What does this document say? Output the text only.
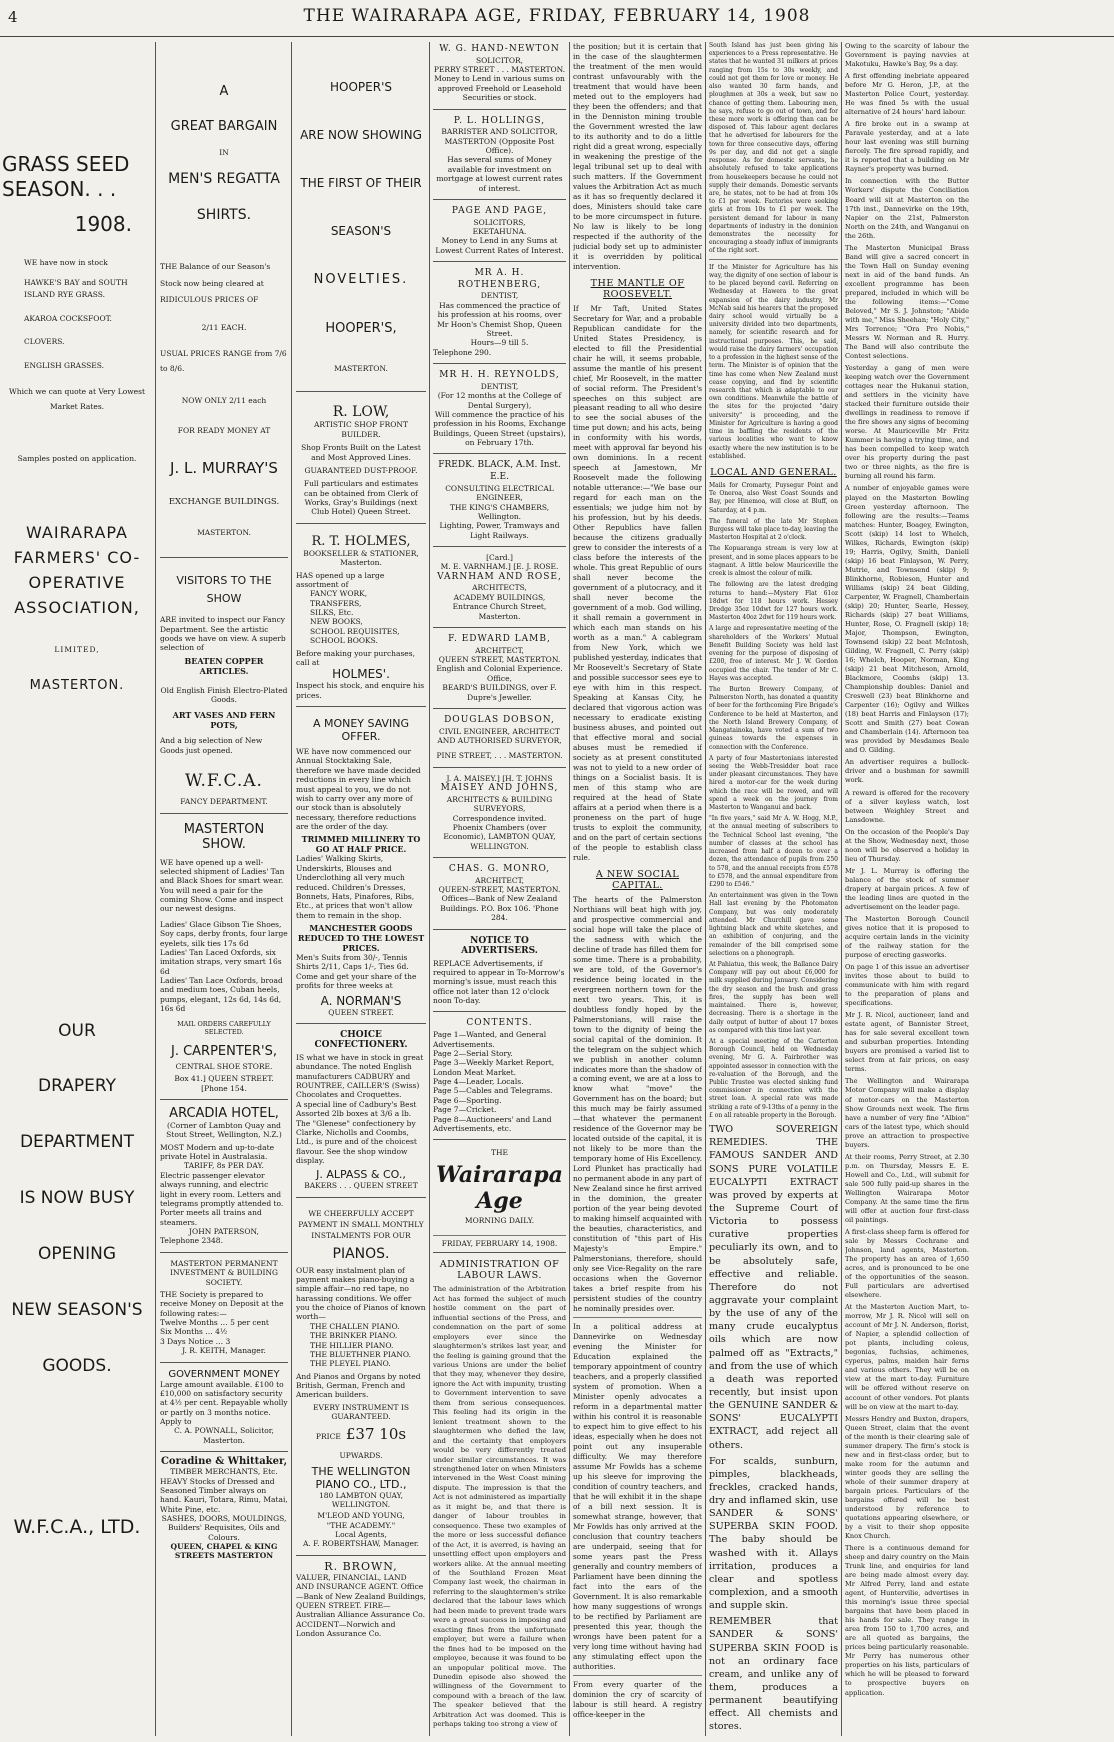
4	THE WAIRARAPA AGE, FRIDAY, FEBRUARY 14, 1908
GRASS SEED SEASON. . .
1908.
WE have now in stock
HAWKE'S BAY and SOUTH ISLAND RYE GRASS.
AKAROA COCKSFOOT.
CLOVERS.
ENGLISH GRASSES.
Which we can quote at Very Lowest Market Rates.
Samples posted on application.
WAIRARAPA FARMERS' CO-OPERATIVE ASSOCIATION,
LIMITED,
MASTERTON.
OUR
DRAPERY
DEPARTMENT
IS NOW BUSY
OPENING
NEW SEASON'S
GOODS.
W.F.C.A., LTD.
A
GREAT BARGAIN
IN
MEN'S REGATTA
SHIRTS.
THE Balance of our Season's Stock now being cleared at RIDICULOUS PRICES OF
2/11 EACH.
USUAL PRICES RANGE from 7/6 to 8/6.
NOW ONLY 2/11 each
FOR READY MONEY AT
J. L. MURRAY'S
EXCHANGE BUILDINGS.
MASTERTON.
VISITORS TO THE SHOW
ARE invited to inspect our Fancy Department. See the artistic goods we have on view. A superb selection of
BEATEN COPPER ARTICLES.
Old English Finish Electro-Plated Goods.
ART VASES AND FERN POTS,
And a big selection of New Goods just opened.
W.F.C.A.
FANCY DEPARTMENT.
MASTERTON SHOW.
WE have opened up a well-selected shipment of Ladies' Tan and Black Shoes for smart wear. You will need a pair for the coming Show. Come and inspect our newest designs.
Ladies' Glace Gibson Tie Shoes, Soy caps, derby fronts, four large eyelets, silk ties 17s 6d
Ladies' Tan Laced Oxfords, six imitation straps, very smart 16s 6d
Ladies' Tan Lace Oxfords, broad and medium toes, Cuban heels, pumps, elegant, 12s 6d, 14s 6d, 16s 6d
MAIL ORDERS CAREFULLY SELECTED.
J. CARPENTER'S,
CENTRAL SHOE STORE.
Box 41.] QUEEN STREET. [Phone 154.
ARCADIA HOTEL,
(Corner of Lambton Quay and Stout Street, Wellington, N.Z.)
MOST Modern and up-to-date private Hotel in Australasia.
TARIFF, 8s PER DAY.
Electric passenger elevator always running, and electric light in every room. Letters and telegrams promptly attended to. Porter meets all trains and steamers.
JOHN PATERSON,
Telephone 2348.
MASTERTON PERMANENT INVESTMENT & BUILDING SOCIETY.
THE Society is prepared to receive Money on Deposit at the following rates:—
Twelve Months … 5 per cent
Six Months … 4½
3 Days Notice … 3
J. R. KEITH, Manager.
GOVERNMENT MONEY
Large amount available. £100 to £10,000 on satisfactory security at 4½ per cent. Repayable wholly or partly on 3 months notice. Apply to
C. A. POWNALL, Solicitor, Masterton.
Coradine & Whittaker,
TIMBER MERCHANTS, Etc.
HEAVY Stocks of Dressed and Seasoned Timber always on hand. Kauri, Totara, Rimu, Matai, White Pine, etc.
SASHES, DOORS, MOULDINGS, Builders' Requisites, Oils and Colours.
QUEEN, CHAPEL & KING STREETS MASTERTON
HOOPER'S
ARE NOW SHOWING
THE FIRST OF THEIR
SEASON'S
NOVELTIES.
HOOPER'S,
MASTERTON.
R. LOW,
ARTISTIC SHOP FRONT BUILDER.
Shop Fronts Built on the Latest and Most Approved Lines.
GUARANTEED DUST-PROOF.
Full particulars and estimates can be obtained from Clerk of Works, Gray's Buildings (next Club Hotel) Queen Street.
R. T. HOLMES,
BOOKSELLER & STATIONER, Masterton.
HAS opened up a large assortment of
FANCY WORK,
TRANSFERS,
SILKS, Etc.
NEW BOOKS,
SCHOOL REQUISITES,
SCHOOL BOOKS.
Before making your purchases, call at
HOLMES'.
Inspect his stock, and enquire his prices.
A MONEY SAVING OFFER.
WE have now commenced our Annual Stocktaking Sale, therefore we have made decided reductions in every line which must appeal to you, we do not wish to carry over any more of our stock than is absolutely necessary, therefore reductions are the order of the day.
TRIMMED MILLINERY TO GO AT HALF PRICE.
Ladies' Walking Skirts, Underskirts, Blouses and Underclothing all very much reduced. Children's Dresses, Bonnets, Hats, Pinafores, Ribs, Etc., at prices that won't allow them to remain in the shop.
MANCHESTER GOODS REDUCED TO THE LOWEST PRICES.
Men's Suits from 30/-, Tennis Shirts 2/11, Caps 1/-, Ties 6d. Come and get your share of the profits for three weeks at
A. NORMAN'S
QUEEN STREET.
CHOICE CONFECTIONERY.
IS what we have in stock in great abundance. The noted English manufacturers CADBURY and ROUNTREE, CAILLER'S (Swiss) Chocolates and Croquettes.
A special line of Cadbury's Best Assorted 2lb boxes at 3/6 a lb. The "Glenese" confectionery by Clarke, Nicholls and Coombs, Ltd., is pure and of the choicest flavour. See the shop window display.
J. ALPASS & CO.,
BAKERS . . . QUEEN STREET
WE CHEERFULLY ACCEPT PAYMENT IN SMALL MONTHLY INSTALMENTS FOR OUR
PIANOS.
OUR easy instalment plan of payment makes piano-buying a simple affair—no red tape, no harassing conditions. We offer you the choice of Pianos of known worth—
THE CHALLEN PIANO.
THE BRINKER PIANO.
THE HILLIER PIANO.
THE BLUETHNER PIANO.
THE PLEYEL PIANO.
And Pianos and Organs by noted British, German, French and American builders.
EVERY INSTRUMENT IS GUARANTEED.
PRICE £37 10s UPWARDS.
THE WELLINGTON PIANO CO., LTD.,
180 LAMBTON QUAY,
WELLINGTON.
M'LEOD AND YOUNG,
"THE ACADEMY."
Local Agents,
A. F. ROBERTSHAW, Manager.
R. BROWN,
VALUER, FINANCIAL, LAND AND INSURANCE AGENT. Office—Bank of New Zealand Buildings, QUEEN STREET. FIRE—Australian Alliance Assurance Co. ACCIDENT—Norwich and London Assurance Co.
W. G. HAND-NEWTON
SOLICITOR,
PERRY STREET . . . MASTERTON.
Money to Lend in various sums on approved Freehold or Leasehold Securities or stock.
P. L. HOLLINGS,
BARRISTER AND SOLICITOR,
MASTERTON (Opposite Post Office).
Has several sums of Money available for investment on mortgage at lowest current rates of interest.
PAGE AND PAGE,
SOLICITORS,
EKETAHUNA.
Money to Lend in any Sums at Lowest Current Rates of Interest.
MR A. H. ROTHENBERG,
DENTIST,
Has commenced the practice of his profession at his rooms, over Mr Hoon's Chemist Shop, Queen Street.
Hours—9 till 5.
Telephone 290.
MR H. H. REYNOLDS,
DENTIST,
(For 12 months at the College of Dental Surgery),
Will commence the practice of his profession in his Rooms, Exchange Buildings, Queen Street (upstairs), on February 17th.
FREDK. BLACK, A.M. Inst. E.E.
CONSULTING ELECTRICAL ENGINEER,
THE KING'S CHAMBERS, Wellington.
Lighting, Power, Tramways and Light Railways.
[Card.]
M. E. VARNHAM.] [E. J. ROSE.
VARNHAM AND ROSE,
ARCHITECTS,
ACADEMY BUILDINGS,
Entrance Church Street, Masterton.
F. EDWARD LAMB,
ARCHITECT,
QUEEN STREET, MASTERTON.
English and Colonial Experience.
Office,
BEARD'S BUILDINGS, over F. Dupre's Jeweller.
DOUGLAS DOBSON,
CIVIL ENGINEER, ARCHITECT AND AUTHORISED SURVEYOR,
PINE STREET, . . . MASTERTON.
J. A. MAISEY.] [H. T. JOHNS
MAISEY AND JOHNS,
ARCHITECTS & BUILDING SURVEYORS,
Correspondence invited.
Phoenix Chambers (over Economic), LAMBTON QUAY, WELLINGTON.
CHAS. G. MONRO,
ARCHITECT,
QUEEN-STREET, MASTERTON.
Offices—Bank of New Zealand Buildings. P.O. Box 106. 'Phone 284.
NOTICE TO ADVERTISERS.
REPLACE Advertisements, if required to appear in To-Morrow's morning's issue, must reach this office not later than 12 o'clock noon To-day.
CONTENTS.
Page 1—Wanted, and General Advertisements.
Page 2—Serial Story.
Page 3—Weekly Market Report, London Meat Market.
Page 4—Leader, Locals.
Page 5—Cables and Telegrams.
Page 6—Sporting.
Page 7—Cricket.
Page 8—Auctioneers' and Land Advertisements, etc.
THE
Wairarapa Age
MORNING DAILY.
FRIDAY, FEBRUARY 14, 1908.
ADMINISTRATION OF LABOUR LAWS.

The administration of the Arbitration Act has formed the subject of much hostile comment on the part of influential sections of the Press, and condemnation on the part of some employers ever since the slaughtermen's strikes last year, and the feeling is gaining ground that the various Unions are under the belief that they may, whenever they desire, ignore the Act with impunity, trusting to Government intervention to save them from serious consequences. This feeling had its origin in the lenient treatment shown to the slaughtermen who defied the law, and the certainty that employers would be very differently treated under similar circumstances. It was strengthened later on when Ministers intervened in the West Coast mining dispute. The impression is that the Act is not administered as impartially as it might be, and that there is danger of labour troubles in consequence. These two examples of the more or less successful defiance of the Act, it is averred, is having an unsettling effect upon employers and workers alike. At the annual meeting of the Southland Frozen Meat Company last week, the chairman in referring to the slaughtermen's strike declared that the labour laws which had been made to prevent trade wars were a great success in imposing and exacting fines from the unfortunate employer, but were a failure when the fines had to be imposed on the employee, because it was found to be an unpopular political move. The Dunedin episode also showed the willingness of the Government to compound with a breach of the law. The speaker believed that the Arbitration Act was doomed. This is perhaps taking too strong a view of

the position; but it is certain that in the case of the slaughtermen the treatment of the men would contrast unfavourably with the treatment that would have been meted out to the employers had they been the offenders; and that in the Denniston mining trouble the Government wrested the law to its authority and to do a little right did a great wrong, especially in weakening the prestige of the legal tribunal set up to deal with such matters. If the Government values the Arbitration Act as much as it has so frequently declared it does, Ministers should take care to be more circumspect in future. No law is likely to be long respected if the authority of the judicial body set up to administer it is overridden by political intervention.

THE MANTLE OF ROOSEVELT.

If Mr Taft, United States Secretary for War, and a probable Republican candidate for the United States Presidency, is elected to fill the Presidential chair he will, it seems probable, assume the mantle of his present chief, Mr Roosevelt, in the matter of social reform. The President's speeches on this subject are pleasant reading to all who desire to see the social abuses of the time put down; and his acts, being in conformity with his words, meet with approval far beyond his own dominions. In a recent speech at Jamestown, Mr Roosevelt made the following notable utterance:—"We base our regard for each man on the essentials; we judge him not by his profession, but by his deeds. Other Republics have fallen because the citizens gradually grew to consider the interests of a class before the interests of the whole. This great Republic of ours shall never become the government of a plutocracy, and it shall never become the government of a mob. God willing, it shall remain a government in which each man stands on his worth as a man." A cablegram from New York, which we published yesterday, indicates that Mr Roosevelt's Secretary of State and possible successor sees eye to eye with him in this respect. Speaking at Kansas City, he declared that vigorous action was necessary to eradicate existing business abuses, and pointed out that effective moral and social abuses must be remedied if society as at present constituted was not to yield to a new order of things on a Socialist basis. It is men of this stamp who are required at the head of State affairs at a period when there is a proneness on the part of huge trusts to exploit the community, and on the part of certain sections of the people to establish class rule.

A NEW SOCIAL CAPITAL.

The hearts of the Palmerston Northians will beat high with joy, and prospective commercial and social hope will take the place of the sadness with which the decline of trade has filled them for some time. There is a probability, we are told, of the Governor's residence being located in the evergreen northern town for the next two years. This, it is doubtless fondly hoped by the Palmerstonians, will raise the town to the dignity of being the social capital of the dominion. It the telegram on the subject which we publish in another column indicates more than the shadow of a coming event, we are at a loss to know what "move" the Government has on the board; but this much may be fairly assumed—that whatever the permanent residence of the Governor may be located outside of the capital, it is not likely to be more than the temporary home of His Excellency. Lord Plunket has practically had no permanent abode in any part of New Zealand since he first arrived in the dominion, the greater portion of the year being devoted to making himself acquainted with the beauties, characteristics, and constitution of "this part of His Majesty's Empire." Palmerstonians, therefore, should only see Vice-Regality on the rare occasions when the Governor takes a brief respite from his persistent studies of the country he nominally presides over.

In a political address at Dannevirke on Wednesday evening the Minister for Education explained the temporary appointment of country teachers, and a properly classified system of promotion. When a Minister openly advocates a reform in a departmental matter within his control it is reasonable to expect him to give effect to his ideas, especially when he does not point out any insuperable difficulty. We may therefore assume Mr Fowlds has a scheme up his sleeve for improving the condition of country teachers, and that he will exhibit it in the shape of a bill next session. It is somewhat strange, however, that Mr Fowlds has only arrived at the conclusion that country teachers are underpaid, seeing that for some years past the Press generally and country members of Parliament have been dinning the fact into the ears of the Government. It is also remarkable how many suggestions of wrongs to be rectified by Parliament are presented this year, though the wrongs have been patent for a very long time without having had any stimulating effect upon the authorities.

From every quarter of the dominion the cry of scarcity of labour is still heard. A registry office-keeper in the

South Island has just been giving his experiences to a Press representative. He states that he wanted 31 milkers at prices ranging from 15s to 30s weekly, and could not get them for love or money. He also wanted 30 farm hands, and ploughmen at 30s a week, but saw no chance of getting them. Labouring men, he says, refuse to go out of town, and for these more work is offering than can be disposed of. This labour agent declares that he advertised for labourers for the town for three consecutive days, offering 9s per day, and did not get a single response. As for domestic servants, he absolutely refused to take applications from housekeepers because he could not supply their demands. Domestic servants are, he states, not to be had at from 10s to £1 per week. Factories were seeking girls at from 10s to £1 per week. The persistent demand for labour in many departments of industry in the dominion demonstrates the necessity for encouraging a steady influx of immigrants of the right sort.

If the Minister for Agriculture has his way, the dignity of one section of labour is to be placed beyond cavil. Referring on Wednesday at Hawera to the great expansion of the dairy industry, Mr McNab said his hearers that the proposed dairy school would virtually be a university divided into two departments, namely, for scientific research and for instructional purposes. This, he said, would raise the dairy farmers' occupation to a profession in the highest sense of the term. The Minister is of opinion that the time has come when New Zealand must cease copying, and find by scientific research that which is adaptable to our own conditions. Meanwhile the battle of the sites for the projected "dairy university" is proceeding, and the Minister for Agriculture is having a good time in baffling the residents of the various localities who want to know exactly where the new institution is to be established.

LOCAL AND GENERAL.

Mails for Cromarty, Puysegur Point and Te Oneroa, also West Coast Sounds and Bay, per Hinemoa, will close at Bluff, on Saturday, at 4 p.m.

The funeral of the late Mr Stephen Burgess will take place to-day, leaving the Masterton Hospital at 2 o'clock.

The Kopuaranga stream is very low at present, and in some places appears to be stagnant. A little below Mauriceville the creek is almost the colour of milk.

The following are the latest dredging returns to hand:—Mystery Flat 61oz 18dwt for 118 hours work. Hessey Dredge 35oz 10dwt for 127 hours work. Masterton 40oz 2dwt for 119 hours work.

A large and representative meeting of the shareholders of the Workers' Mutual Benefit Building Society was held last evening for the purpose of disposing of £200, free of interest. Mr J. W. Gordon occupied the chair. The tender of Mr C. Hayes was accepted.

The Burton Brewery Company, of Palmerston North, has donated a quantity of beer for the forthcoming Fire Brigade's Conference to be held at Masterton, and the North Island Brewery Company, of Mangatainoka, have voted a sum of two guineas towards the expenses in connection with the Conference.

A party of four Mastertonians interested seeing the Webb-Tresidder boat race under pleasant circumstances. They have hired a motor-car for the week during which the race will be rowed, and will spend a week on the journey from Masterton to Wanganui and back.

"In five years," said Mr A. W. Hogg, M.P., at the annual meeting of subscribers to the Technical School last evening, "the number of classes at the school has increased from half a dozen to over a dozen, the attendance of pupils from 250 to 578, and the annual receipts from £578 to £578, and the annual expenditure from £290 to £546."

An entertainment was given in the Town Hall last evening by the Photomaton Company, but was only moderately attended. Mr Churchill gave some lightning black and white sketches, and an exhibition of conjuring, and the remainder of the bill comprised some selections on a phonograph.

At Pahiatua, this week, the Ballance Dairy Company will pay out about £6,000 for milk supplied during January. Considering the dry season and the bush and grass fires, the supply has been well maintained. There is, however, decreasing. There is a shortage in the daily output of butter of about 17 boxes as compared with this time last year.

At a special meeting of the Carterton Borough Council, held on Wednesday evening, Mr G. A. Fairbrother was appointed assessor in connection with the re-valuation of the Borough, and the Public Trustee was elected sinking fund commissioner in connection with the street loan. A special rate was made striking a rate of 9-13ths of a penny in the £ on all rateable property in the Borough.

TWO SOVEREIGN REMEDIES. THE FAMOUS SANDER AND SONS PURE VOLATILE EUCALYPTI EXTRACT was proved by experts at the Supreme Court of Victoria to possess curative properties peculiarly its own, and to be absolutely safe, effective and reliable. Therefore do not aggravate your complaint by the use of any of the many crude eucalyptus oils which are now palmed off as "Extracts," and from the use of which a death was reported recently, but insist upon the GENUINE SANDER & SONS' EUCALYPTI EXTRACT, add reject all others.

For scalds, sunburn, pimples, blackheads, freckles, cracked hands, dry and inflamed skin, use SANDER & SONS' SUPERBA SKIN FOOD. The baby should be washed with it. Allays irritation, produces a clear and spotless complexion, and a smooth and supple skin.

REMEMBER that SANDER & SONS' SUPERBA SKIN FOOD is not an ordinary face cream, and unlike any of them, produces a permanent beautifying effect. All chemists and stores.

Owing to the scarcity of labour the Government is paying navvies at Makotuku, Hawke's Bay, 9s a day.

A first offending inebriate appeared before Mr G. Heron, J.P., at the Masterton Police Court, yesterday. He was fined 5s with the usual alternative of 24 hours' hard labour.

A fire broke out in a swamp at Paravale yesterday, and at a late hour last evening was still burning fiercely. The fire spread rapidly, and it is reported that a building on Mr Rayner's property was burned.

In connection with the Butter Workers' dispute the Conciliation Board will sit at Masterton on the 17th inst., Dannevirke on the 19th, Napier on the 21st, Palmerston North on the 24th, and Wanganui on the 26th.

The Masterton Municipal Brass Band will give a sacred concert in the Town Hall on Sunday evening next in aid of the band funds. An excellent programme has been prepared, included in which will be the following items:—"Come Beloved," Mr S. J. Johnston; "Abide with me," Miss Sheehan; "Holy City," Mrs Torrence; "Ora Pro Nobis," Messrs W. Norman and R. Hurry. The Band will also contribute the Contest selections.

Yesterday a gang of men were keeping watch over the Government cottages near the Hukanui station, and settlers in the vicinity have stacked their furniture outside their dwellings in readiness to remove if the fire shows any signs of becoming worse. At Mauriceville Mr Fritz Kummer is having a trying time, and has been compelled to keep watch over his property during the past two or three nights, as the fire is burning all round his farm.

A number of enjoyable games were played on the Masterton Bowling Green yesterday afternoon. The following are the results:—Teams matches: Hunter, Boagey, Ewington, Scott (skip) 14 lost to Whelch, Wilkes, Richards, Ewington (skip) 19; Harris, Ogilvy, Smith, Daniell (skip) 16 beat Finlayson, W. Perry, Mutrie, and Townsend (skip) 9; Blinkhorne, Robieson, Hunter and Williams (skip) 24 beat Gilding, Carpenter, W. Fragnell, Chamberlain (skip) 20; Hunter, Searle, Hessey, Richards (skip) 27 beat Williams, Hunter, Rose, O. Fragnell (skip) 18; Major, Thompson, Ewington, Townsend (skip) 22 beat McIntosh, Gilding, W. Fragnell, C. Perry (skip) 16; Whelch, Hooper, Norman, King (skip) 21 beat Mitcheson, Arnold, Blackmore, Coombs (skip) 13. Championship doubles: Daniel and Creswell (23) beat Blinkhorne and Carpenter (16); Ogilvy and Wilkes (18) beat Harris and Finlayson (17); Scott and Smith (27) beat Cowan and Chamberlain (14). Afternoon tea was provided by Mesdames Beale and O. Gilding.

An advertiser requires a bullock-driver and a bushman for sawmill work.

A reward is offered for the recovery of a silver keyless watch, lost between Weighley Street and Lansdowne.

On the occasion of the People's Day at the Show, Wednesday next, those noon will be observed a holiday in lieu of Thursday.

Mr J. L. Murray is offering the balance of the stock of summer drapery at bargain prices. A few of the leading lines are quoted in the advertisement on the leader page.

The Masterton Borough Council gives notice that it is proposed to acquire certain lands in the vicinity of the railway station for the purpose of erecting gasworks.

On page 1 of this issue an advertiser invites those about to build to communicate with him with regard to the preparation of plans and specifications.

Mr J. R. Nicol, auctioneer, land and estate agent, of Bannister Street, has for sale several excellent town and suburban properties. Intending buyers are promised a varied list to select from at fair prices, on easy terms.

The Wellington and Wairarapa Motor Company will make a display of motor-cars on the Masterton Show Grounds next week. The firm have a number of very fine "Albion" cars of the latest type, which should prove an attraction to prospective buyers.

At their rooms, Perry Street, at 2.30 p.m. on Thursday, Messrs E. E. Howell and Co., Ltd., will submit for sale 500 fully paid-up shares in the Wellington Wairarapa Motor Company. At the same time the firm will offer at auction four first-class oil paintings.

A first-class sheep farm is offered for sale by Messrs Cochrane and Johnson, land agents, Masterton. The property has an area of 1,650 acres, and is pronounced to be one of the opportunities of the season. Full particulars are advertised elsewhere.

At the Masterton Auction Mart, to-morrow, Mr J. R. Nicol will sell on account of Mr J. N. Anderson, florist, of Napier, a splendid collection of pot plants, including coleus, begonias, fuchsias, achimenes, cyperus, palms, maiden hair ferns and various others. They will be on view at the mart to-day. Furniture will be offered without reserve on account of other vendors. Pot plants will be on view at the mart to-day.

Messrs Hendry and Buxton, drapers, Queen Street, claim that the event of the month is their clearing sale of summer drapery. The firm's stock is new and in first-class order, but to make room for the autumn and winter goods they are selling the whole of their summer drapery at bargain prices. Particulars of the bargains offered will be best understood by reference to quotations appearing elsewhere, or by a visit to their shop opposite Knox Church.

There is a continuous demand for sheep and dairy country on the Main Trunk line, and enquiries for land are being made almost every day. Mr Alfred Perry, land and estate agent, of Huntervilie, advertises in this morning's issue three special bargains that have been placed in his hands for sale. They range in area from 150 to 1,700 acres, and are all quoted as bargains, the prices being particularly reasonable. Mr Perry has numerous other properties on his lists, particulars of which he will be pleased to forward to prospective buyers on application.
